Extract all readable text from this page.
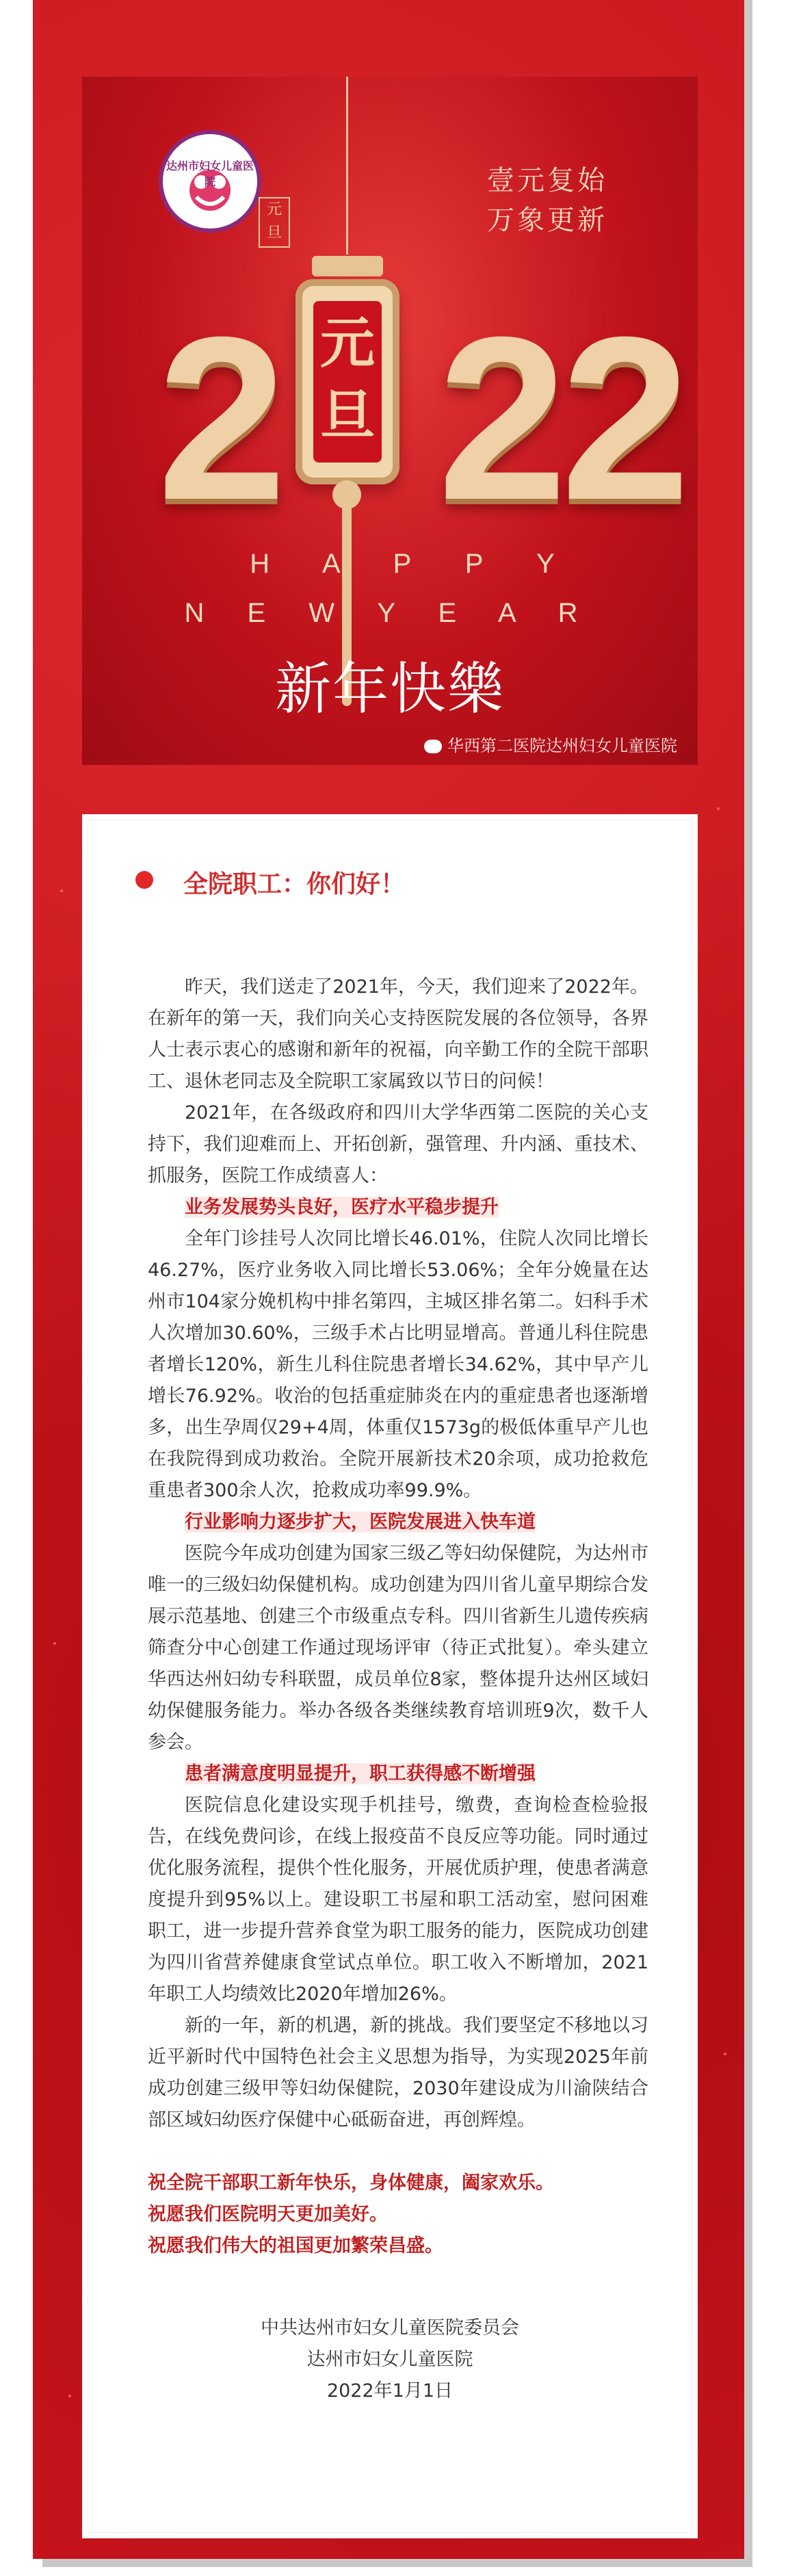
达州市妇女儿童医院	壹元复始
万象更新
元旦
2 2
2
元
旦
H A P P Y
N E W Y E A R
新年快樂
华西第二医院达州妇女儿童医院
全院职工：你们好！

昨天，我们送走了2021年，今天，我们迎来了2022年。在新年的第一天，我们向关心支持医院发展的各位领导，各界人士表示衷心的感谢和新年的祝福，向辛勤工作的全院干部职工、退休老同志及全院职工家属致以节日的问候！

2021年，在各级政府和四川大学华西第二医院的关心支持下，我们迎难而上、开拓创新，强管理、升内涵、重技术、抓服务，医院工作成绩喜人：

业务发展势头良好，医疗水平稳步提升

全年门诊挂号人次同比增长46.01%，住院人次同比增长46.27%，医疗业务收入同比增长53.06%；全年分娩量在达州市104家分娩机构中排名第四，主城区排名第二。妇科手术人次增加30.60%，三级手术占比明显增高。普通儿科住院患者增长120%，新生儿科住院患者增长34.62%，其中早产儿增长76.92%。收治的包括重症肺炎在内的重症患者也逐渐增多，出生孕周仅29+4周，体重仅1573g的极低体重早产儿也在我院得到成功救治。全院开展新技术20余项，成功抢救危重患者300余人次，抢救成功率99.9%。

行业影响力逐步扩大，医院发展进入快车道

医院今年成功创建为国家三级乙等妇幼保健院，为达州市唯一的三级妇幼保健机构。成功创建为四川省儿童早期综合发展示范基地、创建三个市级重点专科。四川省新生儿遗传疾病筛查分中心创建工作通过现场评审（待正式批复）。牵头建立华西达州妇幼专科联盟，成员单位8家，整体提升达州区域妇幼保健服务能力。举办各级各类继续教育培训班9次，数千人参会。

患者满意度明显提升，职工获得感不断增强

医院信息化建设实现手机挂号，缴费，查询检查检验报告，在线免费问诊，在线上报疫苗不良反应等功能。同时通过优化服务流程，提供个性化服务，开展优质护理，使患者满意度提升到95%以上。建设职工书屋和职工活动室，慰问困难职工，进一步提升营养食堂为职工服务的能力，医院成功创建为四川省营养健康食堂试点单位。职工收入不断增加，2021年职工人均绩效比2020年增加26%。

新的一年，新的机遇，新的挑战。我们要坚定不移地以习近平新时代中国特色社会主义思想为指导，为实现2025年前成功创建三级甲等妇幼保健院，2030年建设成为川渝陕结合部区域妇幼医疗保健中心砥砺奋进，再创辉煌。

祝全院干部职工新年快乐，身体健康，阖家欢乐。

祝愿我们医院明天更加美好。

祝愿我们伟大的祖国更加繁荣昌盛。

中共达州市妇女儿童医院委员会
达州市妇女儿童医院
2022年1月1日
